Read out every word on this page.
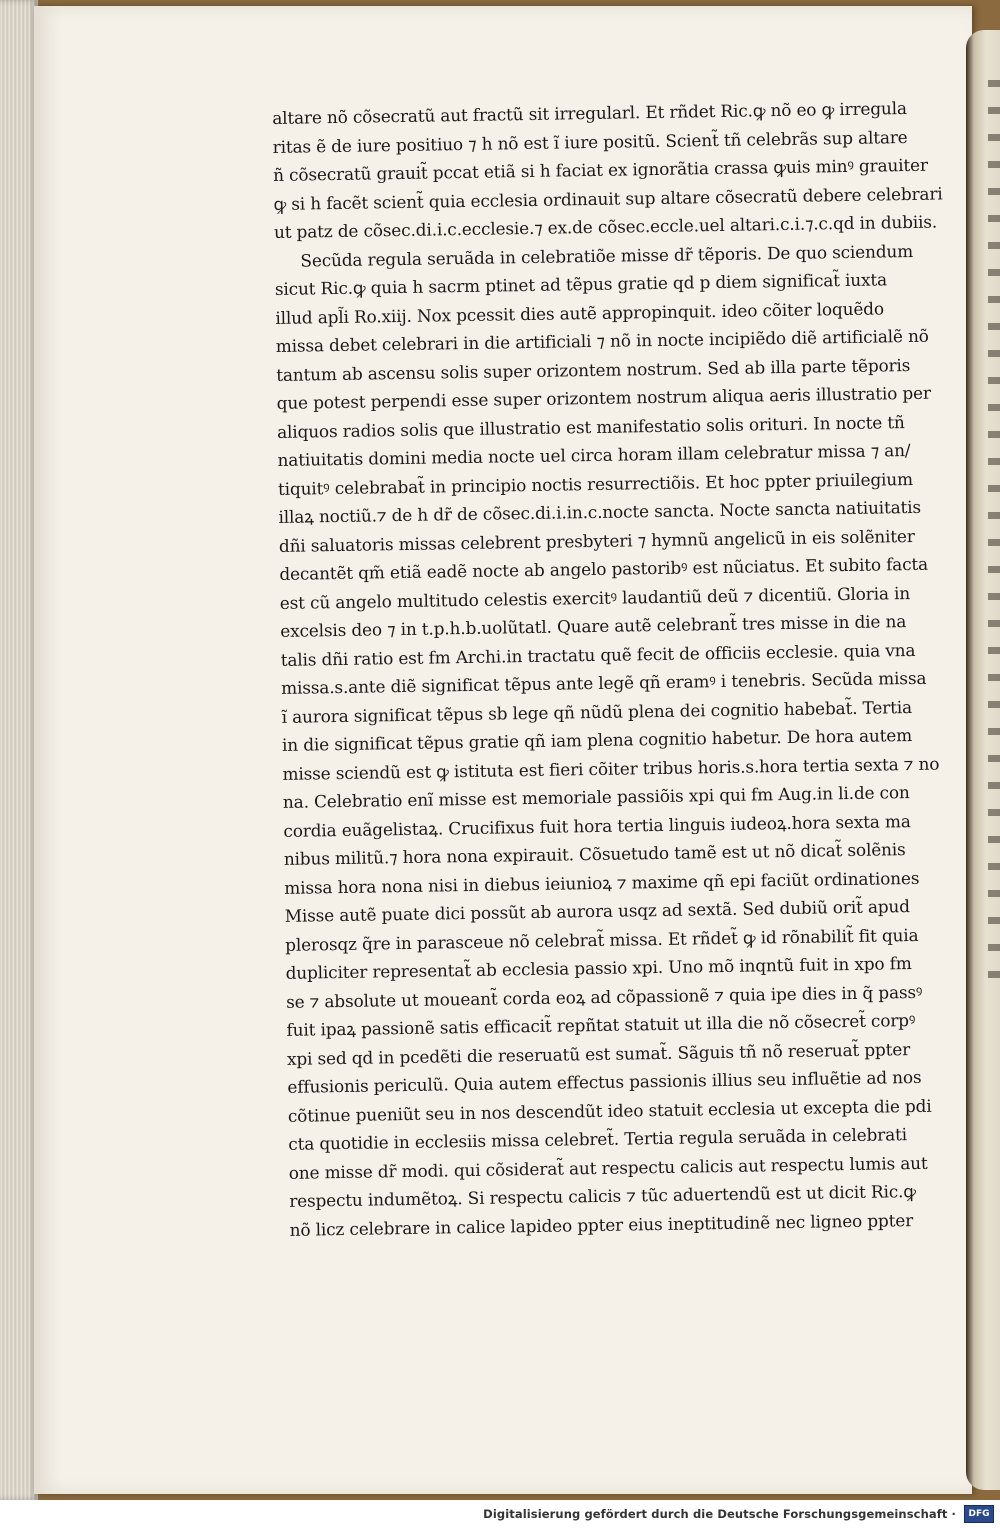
altare nõ cõsecratũ aut fractũ sit irregularl. Et rñdet Ric.ꝙ nõ eo ꝙ irregula
ritas ẽ de iure positiuo ⁊ h nõ est ĩ iure positũ. Scient̃ tñ celebrãs sup altare
ñ cõsecratũ grauit̃ pccat etiã si h faciat ex ignorãtia crassa ꝙuis minꝰ grauiter
ꝙ si h facẽt scient̃ quia ecclesia ordinauit sup altare cõsecratũ debere celebrari
ut patz de cõsec.di.i.c.ecclesie.⁊ ex.de cõsec.eccle.uel altari.c.i.⁊.c.qd in dubiis.
Secũda regula seruãda in celebratiõe misse dr̃ tẽporis. De quo sciendum
sicut Ric.ꝙ quia h sacrm ptinet ad tẽpus gratie qd p diem significat̃ iuxta
illud apl̃i Ro.xiij. Nox pcessit dies autẽ appropinquit. ideo cõiter loquẽdo
missa debet celebrari in die artificiali ⁊ nõ in nocte incipiẽdo diẽ artificialẽ nõ
tantum ab ascensu solis super orizontem nostrum. Sed ab illa parte tẽporis
que potest perpendi esse super orizontem nostrum aliqua aeris illustratio per
aliquos radios solis que illustratio est manifestatio solis orituri. In nocte tñ
natiuitatis domini media nocte uel circa horam illam celebratur missa ⁊ an/
tiquitꝰ celebrabat̃ in principio noctis resurrectiõis. Et hoc ppter priuilegium
illaꝝ noctiũ.⁊ de h dr̃ de cõsec.di.i.in.c.nocte sancta. Nocte sancta natiuitatis
dñi saluatoris missas celebrent presbyteri ⁊ hymnũ angelicũ in eis solẽniter
decantẽt qm̃ etiã eadẽ nocte ab angelo pastoribꝰ est nũciatus. Et subito facta
est cũ angelo multitudo celestis exercitꝰ laudantiũ deũ ⁊ dicentiũ. Gloria in
excelsis deo ⁊ in t.p.h.b.uolũtatl. Quare autẽ celebrant̃ tres misse in die na
talis dñi ratio est fm Archi.in tractatu quẽ fecit de officiis ecclesie. quia vna
missa.s.ante diẽ significat tẽpus ante legẽ qñ eramꝰ i tenebris. Secũda missa
ĩ aurora significat tẽpus sb lege qñ nũdũ plena dei cognitio habebat̃. Tertia
in die significat tẽpus gratie qñ iam plena cognitio habetur. De hora autem
misse sciendũ est ꝙ istituta est fieri cõiter tribus horis.s.hora tertia sexta ⁊ no
na. Celebratio enĩ misse est memoriale passiõis xpi qui fm Aug.in li.de con
cordia euãgelistaꝝ. Crucifixus fuit hora tertia linguis iudeoꝝ.hora sexta ma
nibus militũ.⁊ hora nona expirauit. Cõsuetudo tamẽ est ut nõ dicat̃ solẽnis
missa hora nona nisi in diebus ieiunioꝝ ⁊ maxime qñ epi faciũt ordinationes
Misse autẽ puate dici possũt ab aurora usqz ad sextã. Sed dubiũ orit̃ apud
plerosqz q̃re in parasceue nõ celebrat̃ missa. Et rñdet̃ ꝙ id rõnabilit̃ fit quia
dupliciter representat̃ ab ecclesia passio xpi. Uno mõ inqntũ fuit in xpo fm
se ⁊ absolute ut moueant̃ corda eoꝝ ad cõpassionẽ ⁊ quia ipe dies in q̃ passꝰ
fuit ipaꝝ passionẽ satis efficacit̃ repñtat statuit ut illa die nõ cõsecret̃ corpꝰ
xpi sed qd in pcedẽti die reseruatũ est sumat̃. Sãguis tñ nõ reseruat̃ ppter
effusionis periculũ. Quia autem effectus passionis illius seu influẽtie ad nos
cõtinue pueniũt seu in nos descendũt ideo statuit ecclesia ut excepta die pdi
cta quotidie in ecclesiis missa celebret̃. Tertia regula seruãda in celebrati
one misse dr̃ modi. qui cõsiderat̃ aut respectu calicis aut respectu lumis aut
respectu indumẽtoꝝ. Si respectu calicis ⁊ tũc aduertendũ est ut dicit Ric.ꝙ
nõ licz celebrare in calice lapideo ppter eius ineptitudinẽ nec ligneo ppter
Digitalisierung gefördert durch die Deutsche Forschungsgemeinschaft ·	DFG
